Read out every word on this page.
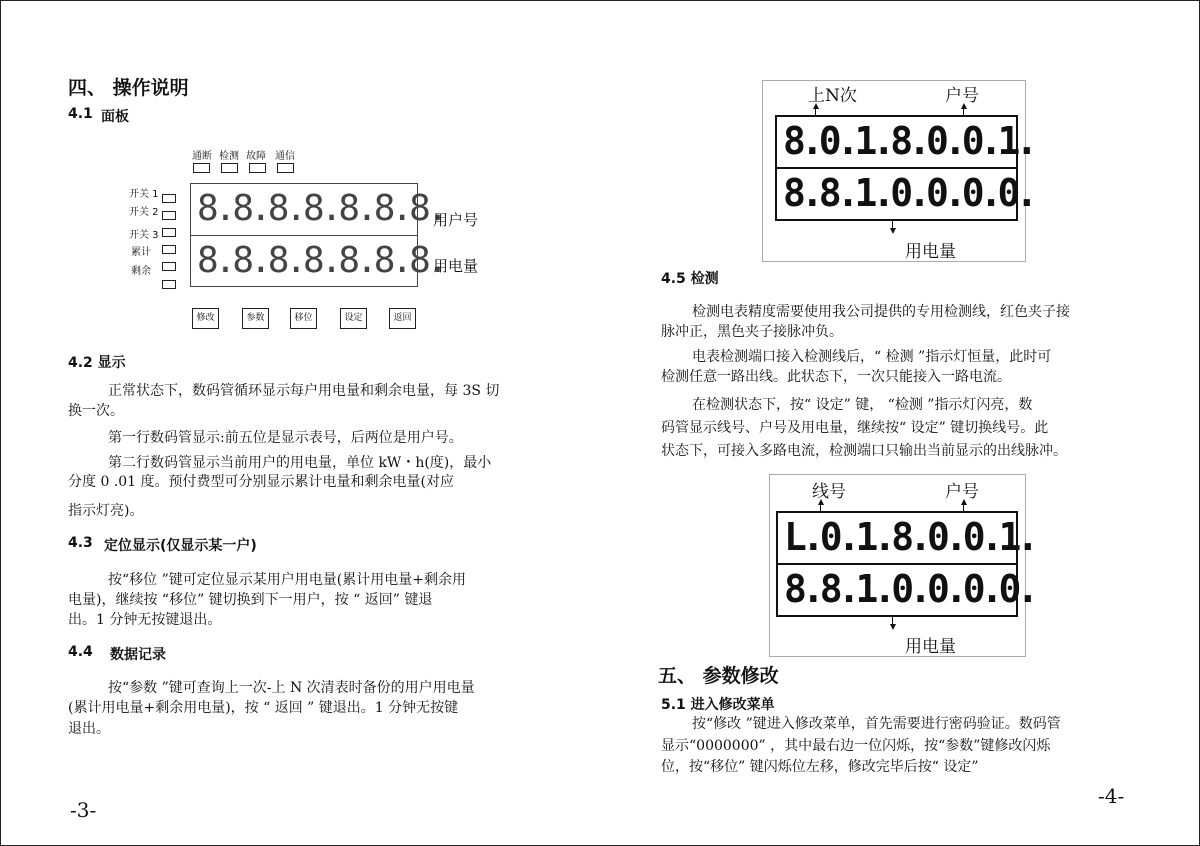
四、 操作说明
4.1 面板
通断 检测 故障 通信
开关 1
开关 2
开关 3
累计
剩余
8.8.8.8.8.8.8.
8.8.8.8.8.8.8.
用户号
用电量
修改	参数	移位	设定	返回
4.2 显示
正常状态下，数码管循环显示每户用电量和剩余电量，每 3S 切
换一次。
第一行数码管显示:前五位是显示表号，后两位是用户号。
第二行数码管显示当前用户的用电量，单位 kW・h(度)，最小
分度 0 .01 度。预付费型可分别显示累计电量和剩余电量(对应
指示灯亮)。
4.3 定位显示(仅显示某一户)
按“移位 ”键可定位显示某用户用电量(累计用电量+剩余用
电量)，继续按 “移位” 键切换到下一用户，按 “ 返回” 键退
出。1 分钟无按键退出。
4.4 数据记录
按“参数 ”键可查询上一次-上 N 次清表时备份的用户用电量
(累计用电量+剩余用电量)，按 “ 返回 ” 键退出。1 分钟无按键
退出。
-3-
上N次	户号
8.0.1.8.0.0.1.
8.8.1.0.0.0.0.
用电量
4.5 检测
检测电表精度需要使用我公司提供的专用检测线，红色夹子接
脉冲正，黑色夹子接脉冲负。
电表检测端口接入检测线后，“ 检测 ”指示灯恒量，此时可
检测任意一路出线。此状态下，一次只能接入一路电流。
在检测状态下，按“ 设定” 键， “检测 ”指示灯闪亮，数
码管显示线号、户号及用电量，继续按“ 设定” 键切换线号。此
状态下，可接入多路电流，检测端口只输出当前显示的出线脉冲。
线号	户号
L.0.1.8.0.0.1.
8.8.1.0.0.0.0.
用电量
五、 参数修改
5.1 进入修改菜单
按“修改 ”键进入修改菜单，首先需要进行密码验证。数码管
显示“0000000” ，其中最右边一位闪烁，按“参数”键修改闪烁
位，按“移位” 键闪烁位左移，修改完毕后按“ 设定”
-4-
